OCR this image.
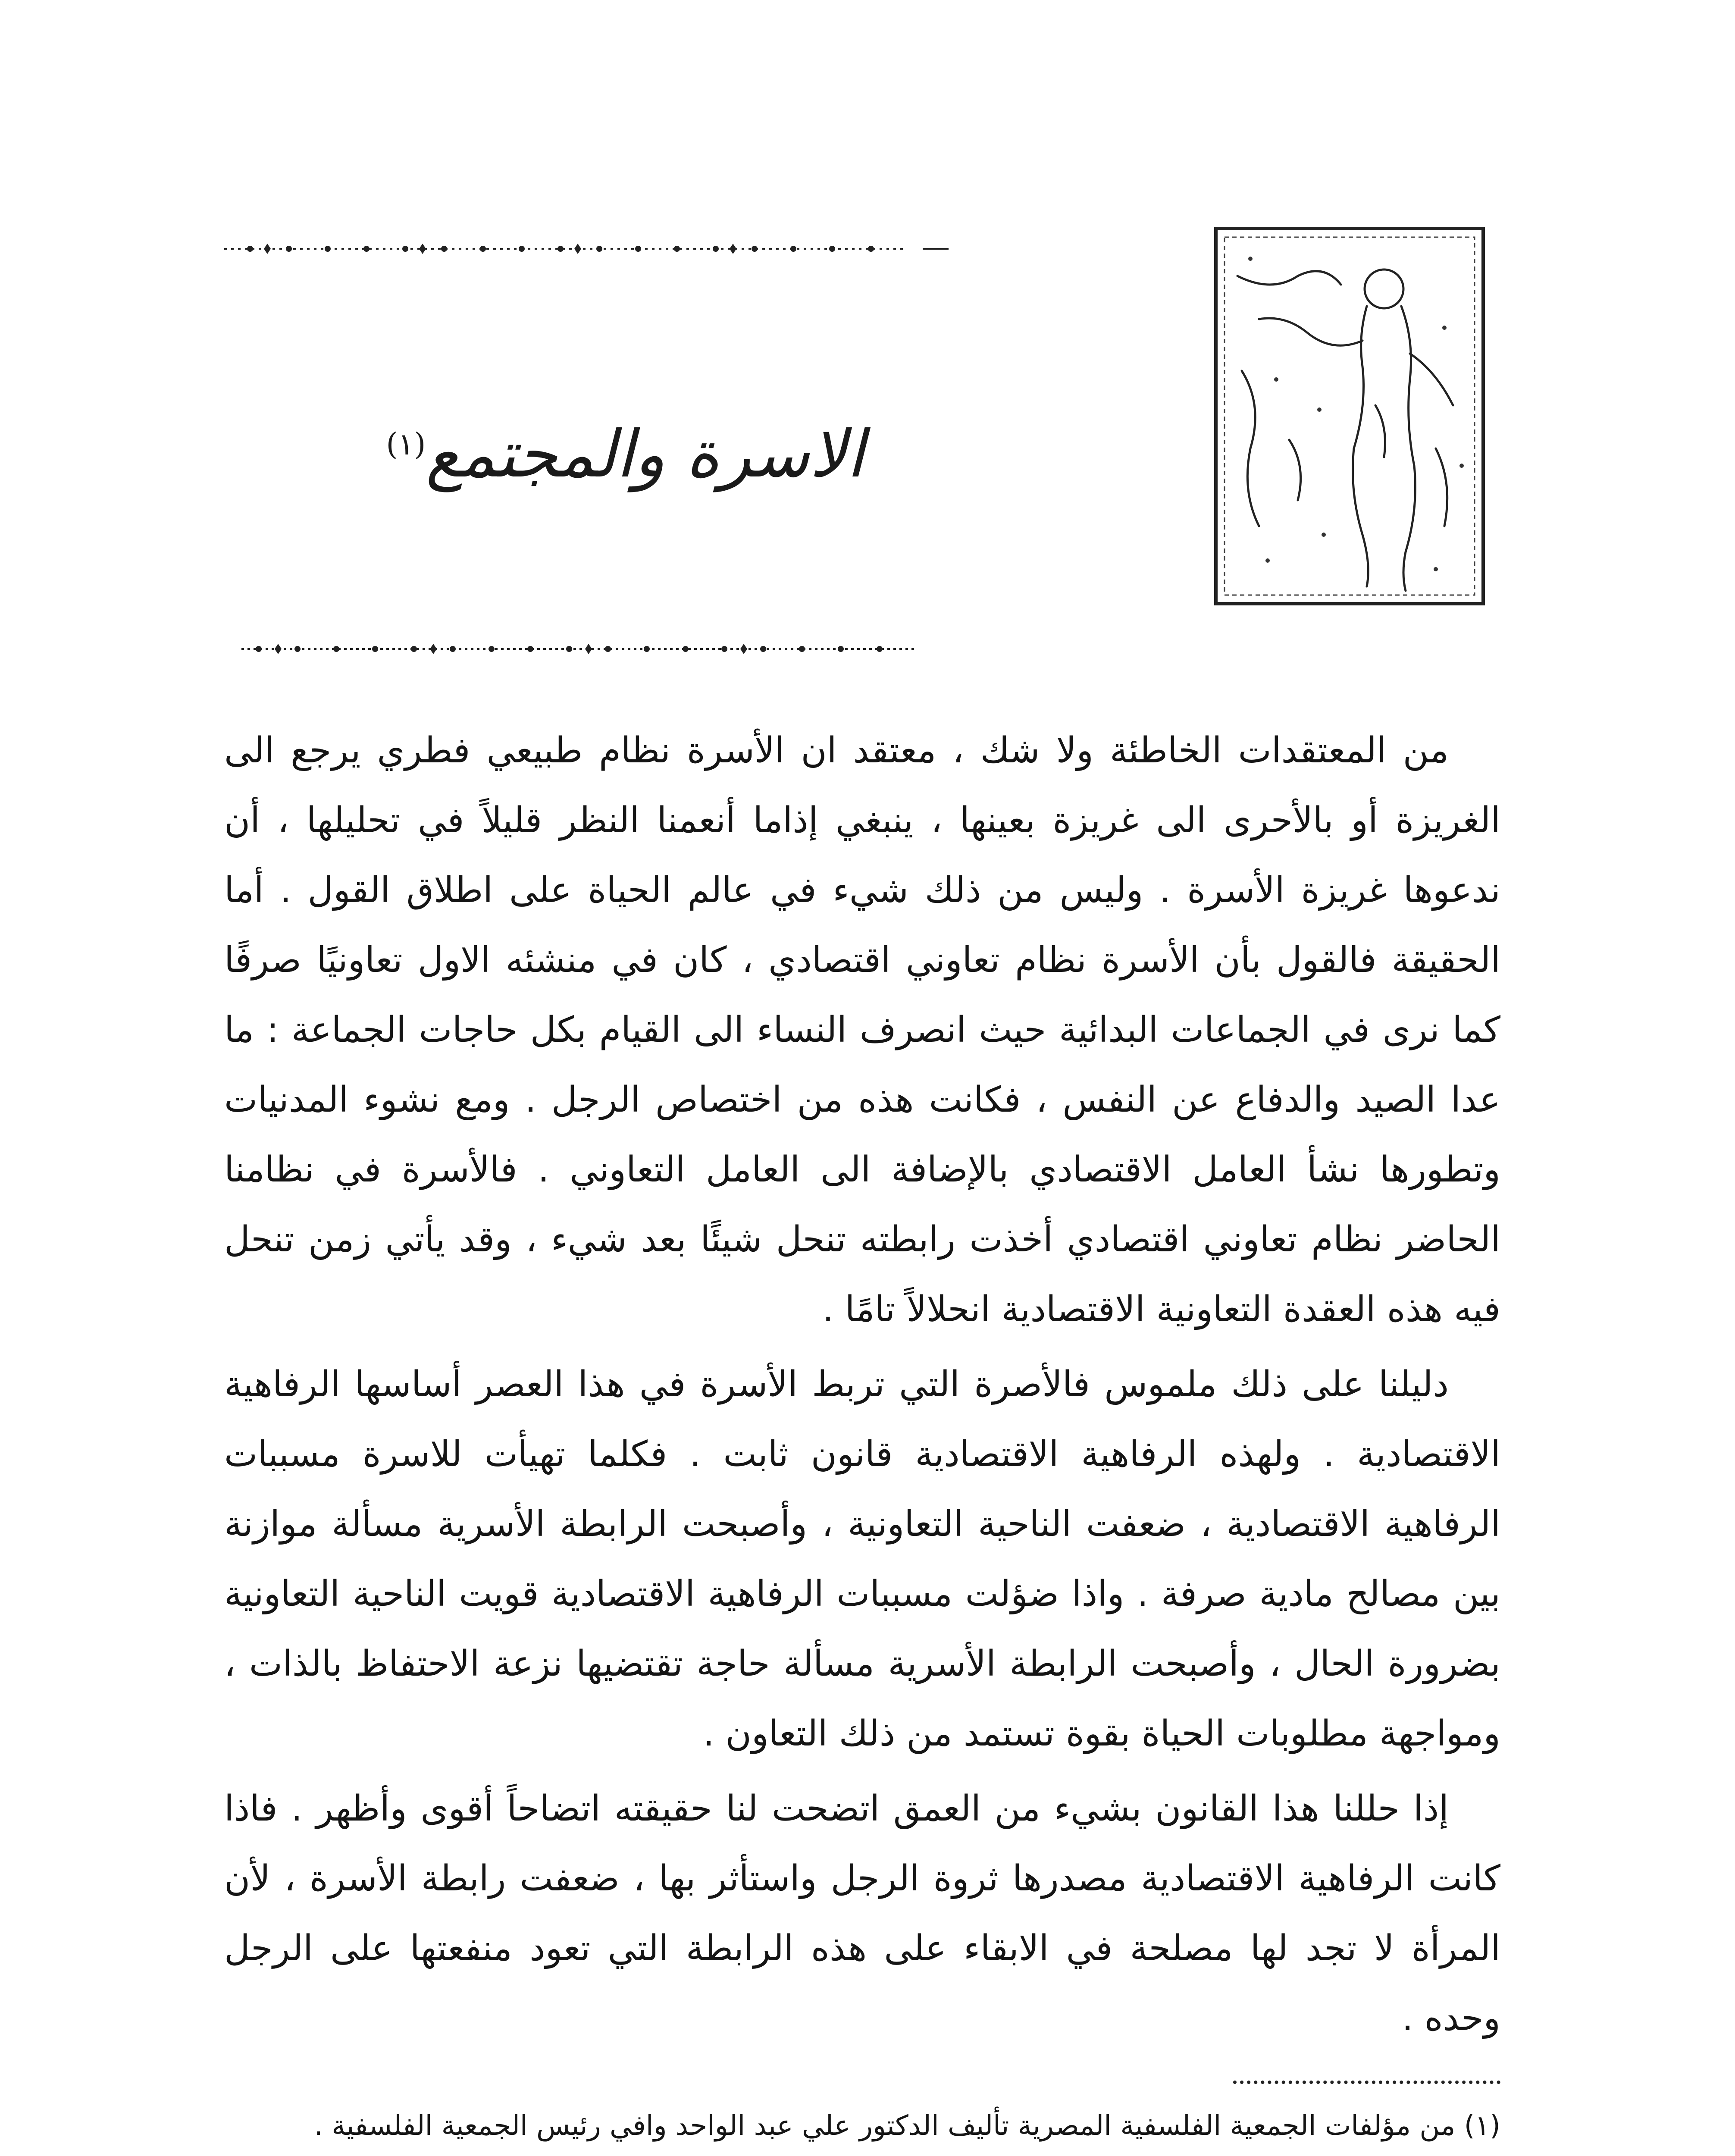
الاسرة والمجتمع$^{(١)}$

من المعتقدات الخاطئة ولا شك ، معتقد ان الأسرة نظام طبيعي فطري يرجع الى الغريزة أو بالأحرى الى غريزة بعينها ، ينبغي إذاما أنعمنا النظر قليلاً في تحليلها ، أن ندعوها غريزة الأسرة . وليس من ذلك شيء في عالم الحياة على اطلاق القول . أما الحقيقة فالقول بأن الأسرة نظام تعاوني اقتصادي ، كان في منشئه الاول تعاونيًا صرفًا كما نرى في الجماعات البدائية حيث انصرف النساء الى القيام بكل حاجات الجماعة : ما عدا الصيد والدفاع عن النفس ، فكانت هذه من اختصاص الرجل . ومع نشوء المدنيات وتطورها نشأ العامل الاقتصادي بالإضافة الى العامل التعاوني . فالأسرة في نظامنا الحاضر نظام تعاوني اقتصادي أخذت رابطته تنحل شيئًا بعد شيء ، وقد يأتي زمن تنحل فيه هذه العقدة التعاونية الاقتصادية انحلالاً تامًا .

دليلنا على ذلك ملموس فالأصرة التي تربط الأسرة في هذا العصر أساسها الرفاهية الاقتصادية . ولهذه الرفاهية الاقتصادية قانون ثابت . فكلما تهيأت للاسرة مسببات الرفاهية الاقتصادية ، ضعفت الناحية التعاونية ، وأصبحت الرابطة الأسرية مسألة موازنة بين مصالح مادية صرفة . واذا ضؤلت مسببات الرفاهية الاقتصادية قويت الناحية التعاونية بضرورة الحال ، وأصبحت الرابطة الأسرية مسألة حاجة تقتضيها نزعة الاحتفاظ بالذات ، ومواجهة مطلوبات الحياة بقوة تستمد من ذلك التعاون .

إذا حللنا هذا القانون بشيء من العمق اتضحت لنا حقيقته اتضاحاً أقوى وأظهر . فاذا كانت الرفاهية الاقتصادية مصدرها ثروة الرجل واستأثر بها ، ضعفت رابطة الأسرة ، لأن المرأة لا تجد لها مصلحة في الابقاء على هذه الرابطة التي تعود منفعتها على الرجل وحده .

(١) من مؤلفات الجمعية الفلسفية المصرية تأليف الدكتور علي عبد الواحد وافي رئيس الجمعية الفلسفية .
